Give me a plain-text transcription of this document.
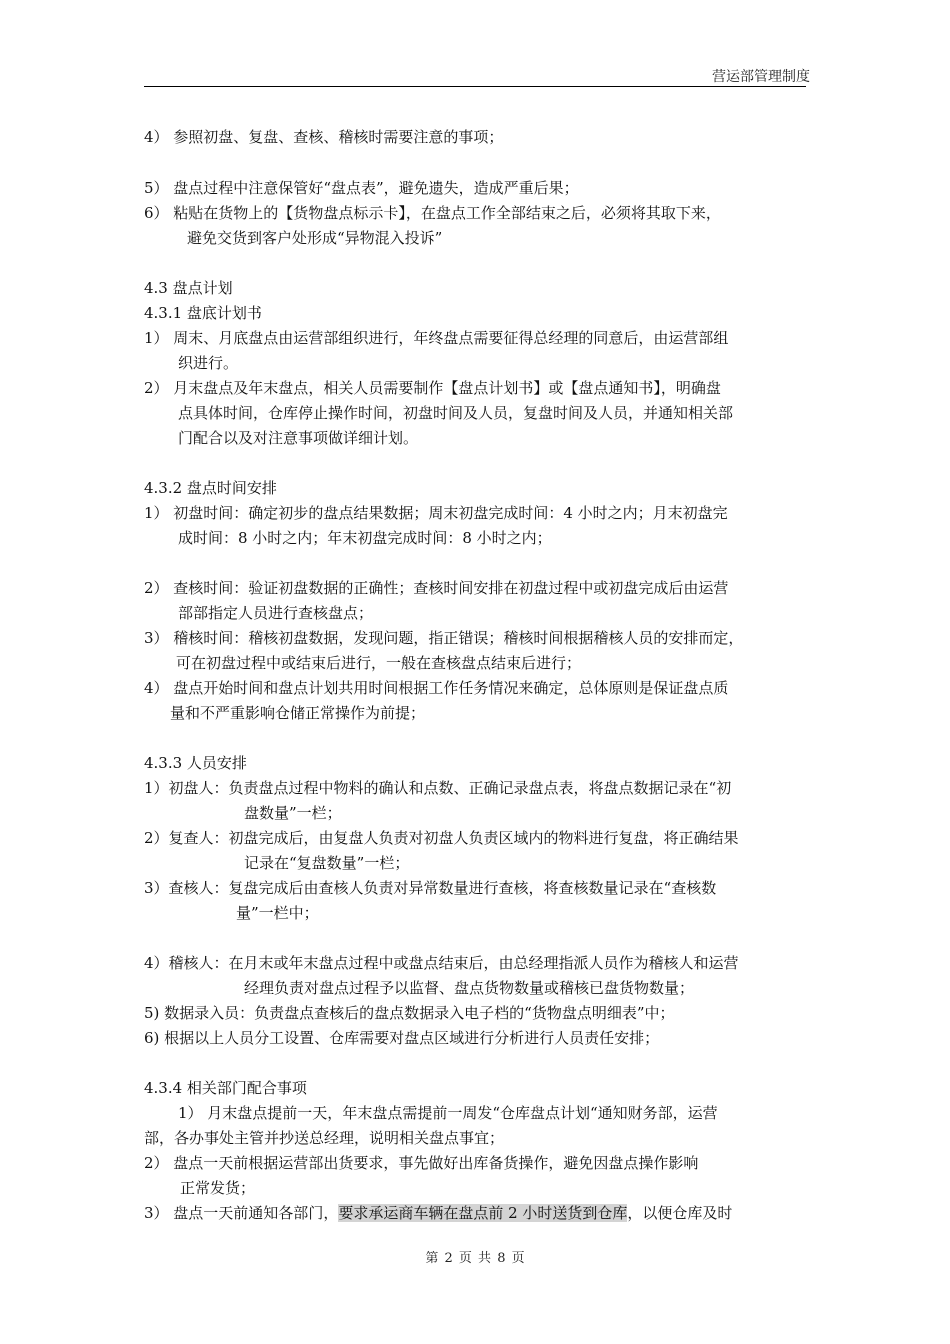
营运部管理制度
4） 参照初盘、复盘、查核、稽核时需要注意的事项；
5） 盘点过程中注意保管好“盘点表”，避免遗失，造成严重后果；
6） 粘贴在货物上的【货物盘点标示卡】，在盘点工作全部结束之后，必须将其取下来，
避免交货到客户处形成“异物混入投诉”
4.3 盘点计划
4.3.1 盘底计划书
1） 周末、月底盘点由运营部组织进行，年终盘点需要征得总经理的同意后，由运营部组
织进行。
2） 月末盘点及年末盘点，相关人员需要制作【盘点计划书】或【盘点通知书】，明确盘
点具体时间，仓库停止操作时间，初盘时间及人员，复盘时间及人员，并通知相关部
门配合以及对注意事项做详细计划。
4.3.2 盘点时间安排
1） 初盘时间：确定初步的盘点结果数据；周末初盘完成时间：4 小时之内；月末初盘完
成时间：8 小时之内；年末初盘完成时间：8 小时之内；
2） 查核时间：验证初盘数据的正确性；查核时间安排在初盘过程中或初盘完成后由运营
部部指定人员进行查核盘点；
3） 稽核时间：稽核初盘数据，发现问题，指正错误；稽核时间根据稽核人员的安排而定，
可在初盘过程中或结束后进行，一般在查核盘点结束后进行；
4） 盘点开始时间和盘点计划共用时间根据工作任务情况来确定，总体原则是保证盘点质
量和不严重影响仓储正常操作为前提；
4.3.3 人员安排
1）初盘人：负责盘点过程中物料的确认和点数、正确记录盘点表，将盘点数据记录在“初
盘数量”一栏；
2）复查人：初盘完成后，由复盘人负责对初盘人负责区域内的物料进行复盘，将正确结果
记录在“复盘数量”一栏；
3）查核人：复盘完成后由查核人负责对异常数量进行查核，将查核数量记录在“查核数
量”一栏中；
4）稽核人：在月末或年末盘点过程中或盘点结束后，由总经理指派人员作为稽核人和运营
经理负责对盘点过程予以监督、盘点货物数量或稽核已盘货物数量；
5) 数据录入员：负责盘点查核后的盘点数据录入电子档的“货物盘点明细表”中；
6) 根据以上人员分工设置、仓库需要对盘点区域进行分析进行人员责任安排；
4.3.4 相关部门配合事项
1） 月末盘点提前一天，年末盘点需提前一周发“仓库盘点计划“通知财务部，运营
部，各办事处主管并抄送总经理，说明相关盘点事宜；
2） 盘点一天前根据运营部出货要求，事先做好出库备货操作，避免因盘点操作影响
正常发货；
3） 盘点一天前通知各部门，要求承运商车辆在盘点前 2 小时送货到仓库，以便仓库及时
第 2 页 共 8 页
